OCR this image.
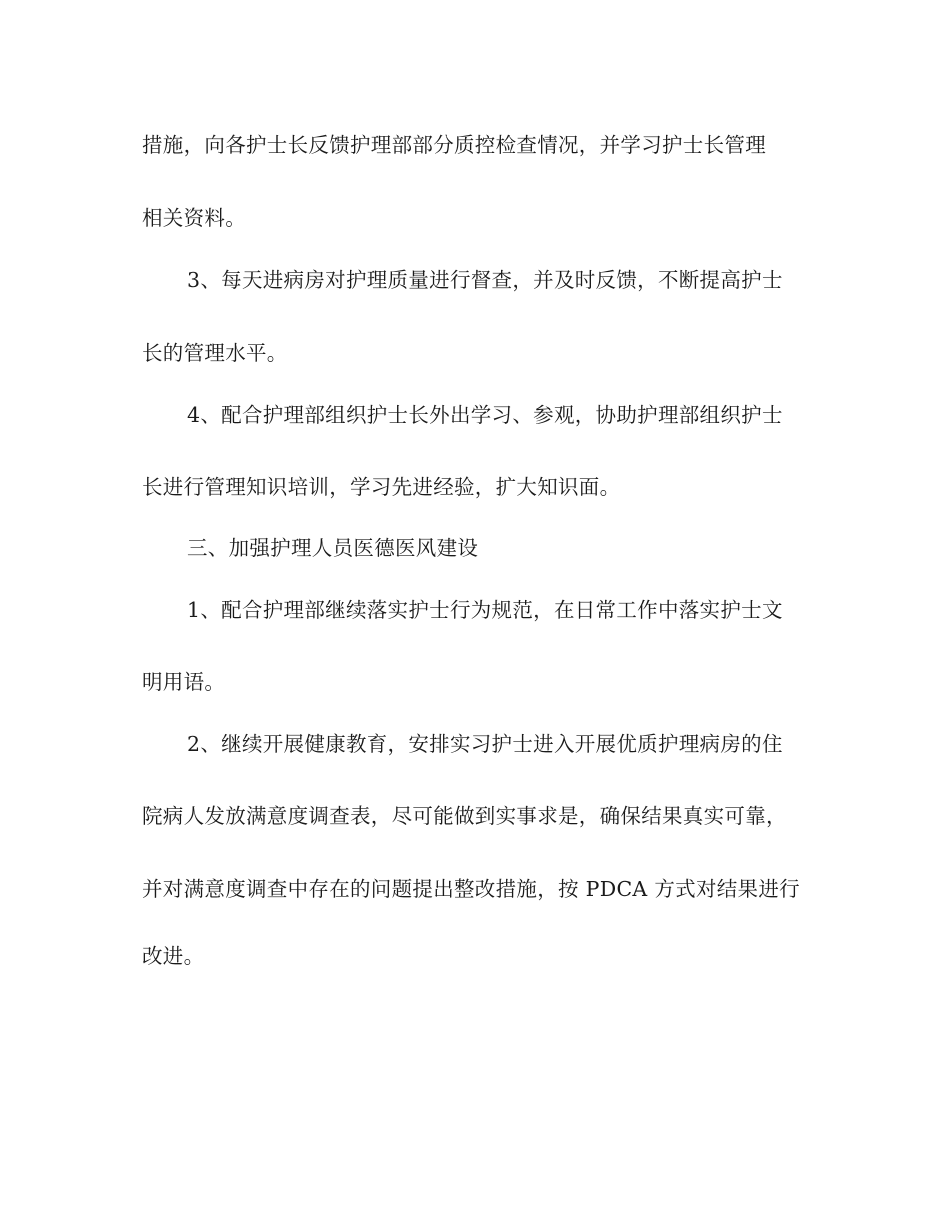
措施，向各护士长反馈护理部部分质控检查情况，并学习护士长管理
相关资料。
3、每天进病房对护理质量进行督查，并及时反馈，不断提高护士
长的管理水平。
4、配合护理部组织护士长外出学习、参观，协助护理部组织护士
长进行管理知识培训，学习先进经验，扩大知识面。
三、加强护理人员医德医风建设
1、配合护理部继续落实护士行为规范，在日常工作中落实护士文
明用语。
2、继续开展健康教育，安排实习护士进入开展优质护理病房的住
院病人发放满意度调查表，尽可能做到实事求是，确保结果真实可靠，
并对满意度调查中存在的问题提出整改措施，按 PDCA 方式对结果进行
改进。
